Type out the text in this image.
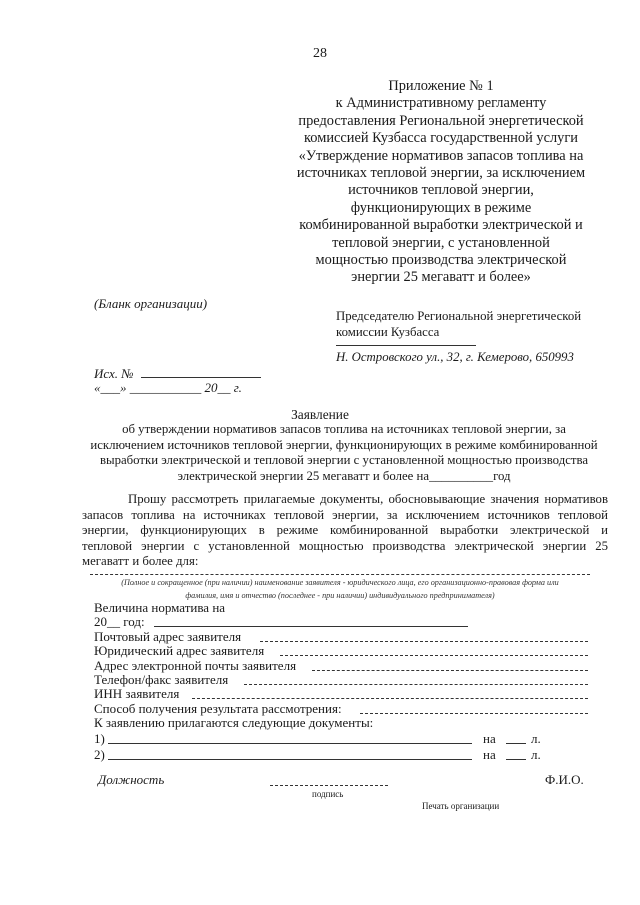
28
Приложение № 1
к Административному регламенту
предоставления Региональной энергетической
комиссией Кузбасса государственной услуги
«Утверждение нормативов запасов топлива на
источниках тепловой энергии, за исключением
источников тепловой энергии,
функционирующих в режиме
комбинированной выработки электрической и
тепловой энергии, с установленной
мощностью производства электрической
энергии 25 мегаватт и более»
(Бланк организации)
Председателю Региональной энергетической
комиссии Кузбасса
Н. Островского ул., 32, г. Кемерово, 650993
Исх. №
«___» ___________ 20__ г.
Заявление
об утверждении нормативов запасов топлива на источниках тепловой энергии, за
исключением источников тепловой энергии, функционирующих в режиме комбинированной
выработки электрической и тепловой энергии с установленной мощностью производства
электрической энергии 25 мегаватт и более на__________год
Прошу рассмотреть прилагаемые документы, обосновывающие значения нормативов
запасов топлива на источниках тепловой энергии, за исключением источников тепловой
энергии, функционирующих в режиме комбинированной выработки электрической и
тепловой энергии с установленной мощностью производства электрической энергии 25
мегаватт и более для:
(Полное и сокращенное (при наличии) наименование заявителя - юридического лица, его организационно-правовая форма или
фамилия, имя и отчество (последнее - при наличии) индивидуального предпринимателя)
Величина норматива на
20__ год:
Почтовый адрес заявителя
Юридический адрес заявителя
Адрес электронной почты заявителя
Телефон/факс заявителя
ИНН заявителя
Способ получения результата рассмотрения:
К заявлению прилагаются следующие документы:
1)	на	л.
2)	на	л.
Должность
подпись
Ф.И.О.
Печать организации
